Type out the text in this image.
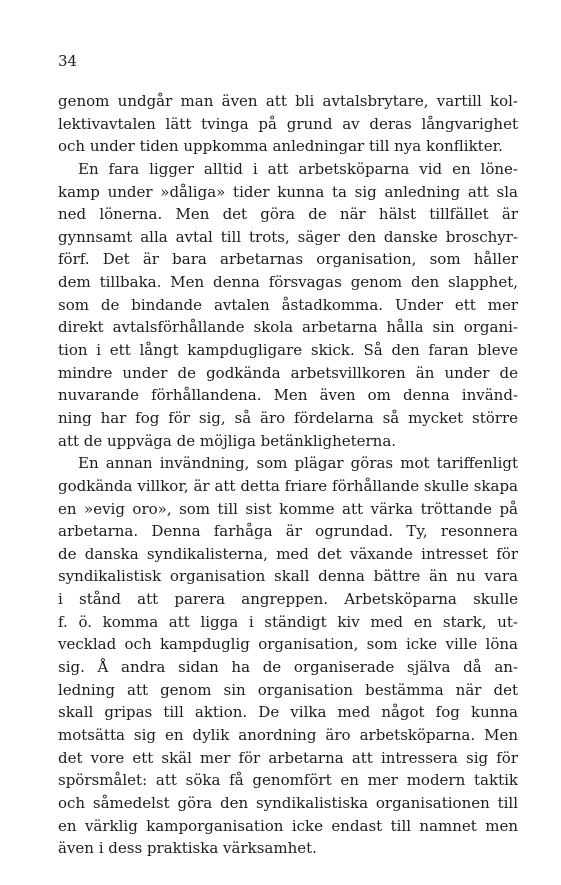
34
genom undgår man även att bli avtalsbrytare, vartill kol-
lektivavtalen lätt tvinga på grund av deras långvarighet
och under tiden uppkomma anledningar till nya konflikter.
En fara ligger alltid i att arbetsköparna vid en löne-
kamp under »dåliga» tider kunna ta sig anledning att sla
ned lönerna. Men det göra de när hälst tillfället är
gynnsamt alla avtal till trots, säger den danske broschyr-
förf. Det är bara arbetarnas organisation, som håller
dem tillbaka. Men denna försvagas genom den slapphet,
som de bindande avtalen åstadkomma. Under ett mer
direkt avtalsförhållande skola arbetarna hålla sin organi-
tion i ett långt kampdugligare skick. Så den faran bleve
mindre under de godkända arbetsvillkoren än under de
nuvarande förhållandena. Men även om denna invänd-
ning har fog för sig, så äro fördelarna så mycket större
att de uppväga de möjliga betänkligheterna.
En annan invändning, som plägar göras mot tariffenligt
godkända villkor, är att detta friare förhållande skulle skapa
en »evig oro», som till sist komme att värka tröttande på
arbetarna. Denna farhåga är ogrundad. Ty, resonnera
de danska syndikalisterna, med det växande intresset för
syndikalistisk organisation skall denna bättre än nu vara
i stånd att parera angreppen. Arbetsköparna skulle
f. ö. komma att ligga i ständigt kiv med en stark, ut-
vecklad och kampduglig organisation, som icke ville löna
sig. Å andra sidan ha de organiserade själva då an-
ledning att genom sin organisation bestämma när det
skall gripas till aktion. De vilka med något fog kunna
motsätta sig en dylik anordning äro arbetsköparna. Men
det vore ett skäl mer för arbetarna att intressera sig för
spörsmålet: att söka få genomfört en mer modern taktik
och såmedelst göra den syndikalistiska organisationen till
en värklig kamporganisation icke endast till namnet men
även i dess praktiska värksamhet.
